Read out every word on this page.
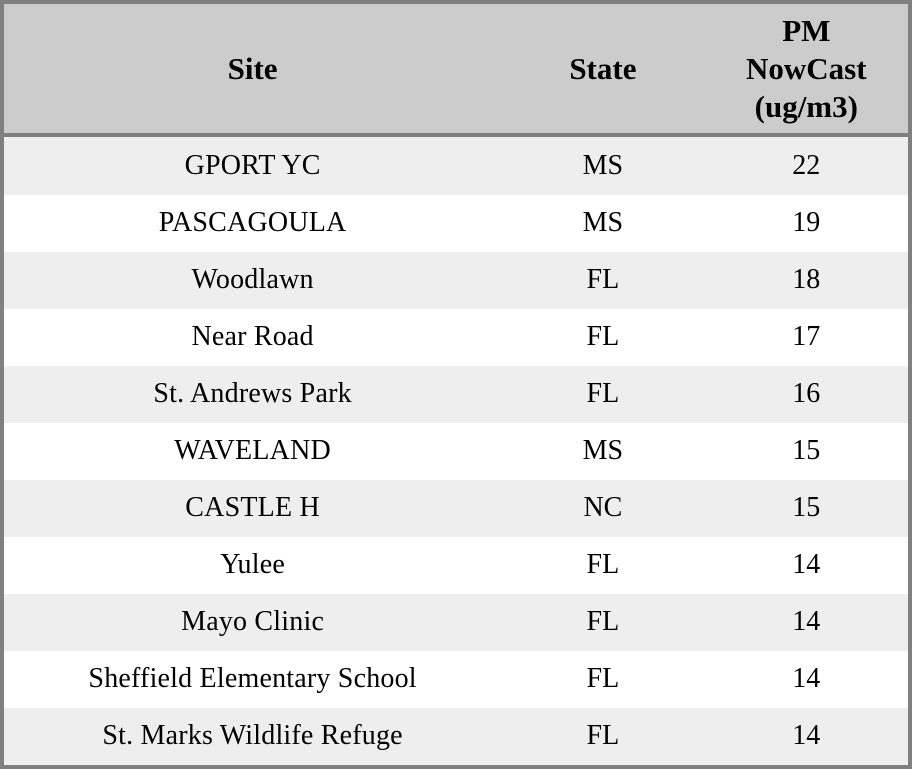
Site	State	PM
NowCast
(ug/m3)

GPORT YC	MS	22
PASCAGOULA	MS	19
Woodlawn	FL	18
Near Road	FL	17
St. Andrews Park	FL	16
WAVELAND	MS	15
CASTLE H	NC	15
Yulee	FL	14
Mayo Clinic	FL	14
Sheffield Elementary School	FL	14
St. Marks Wildlife Refuge	FL	14
